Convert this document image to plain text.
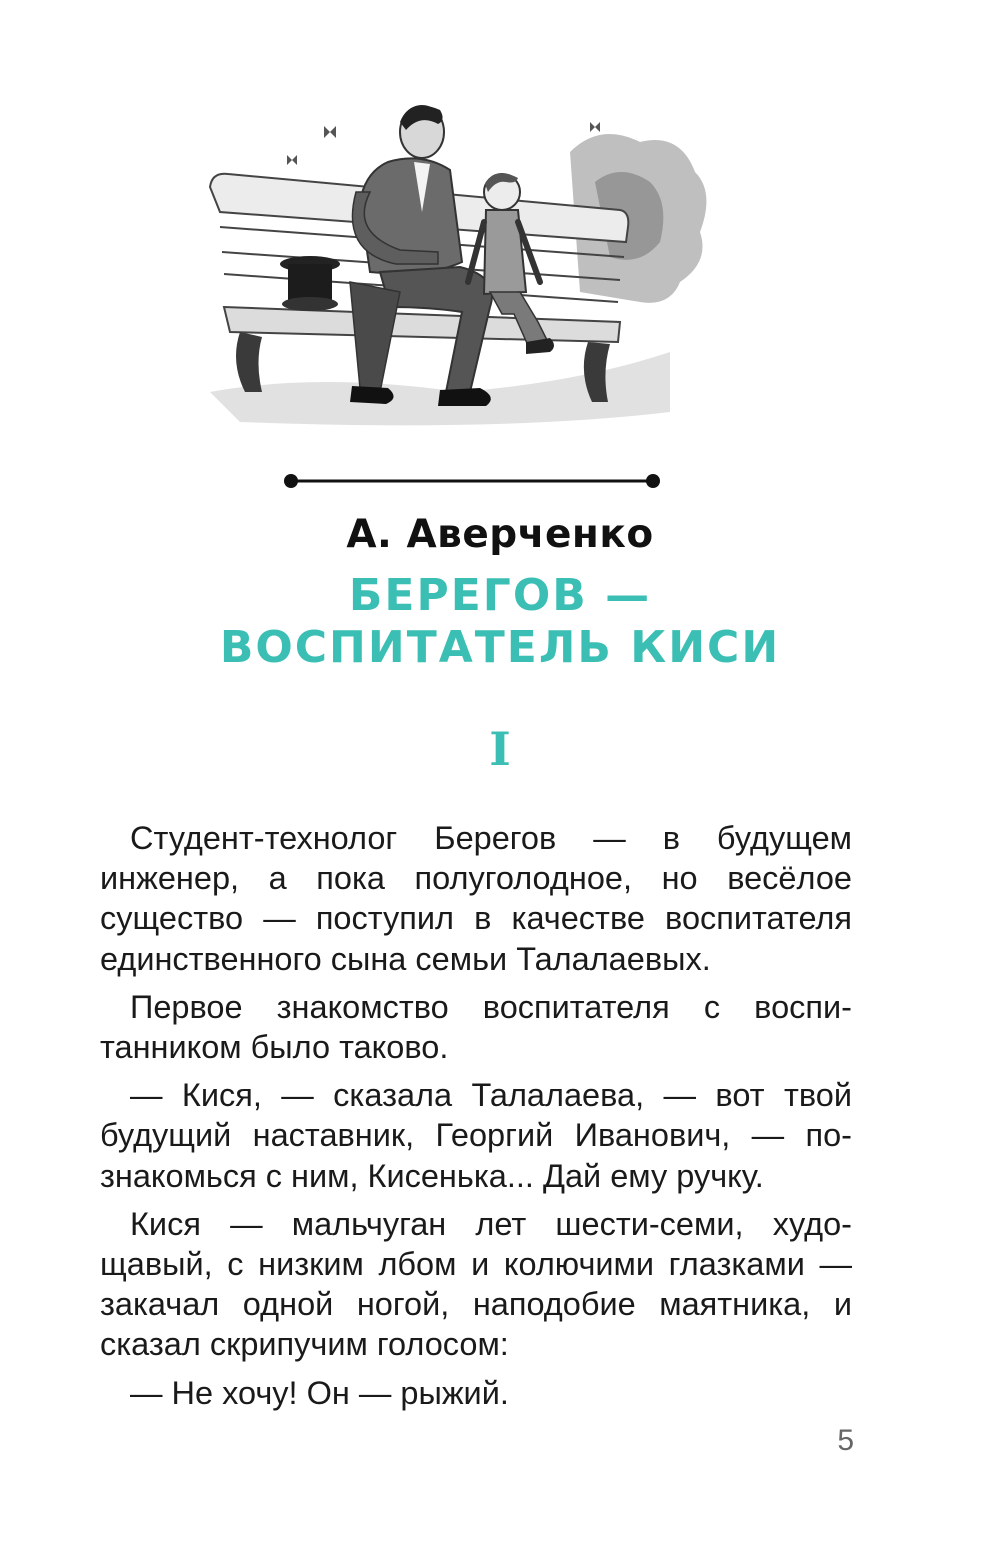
А. Аверченко
БЕРЕГОВ —
ВОСПИТАТЕЛЬ КИСИ
I

Студент-технолог Берегов — в будущем инженер, а пока полуголодное, но весёлое существо — поступил в качестве воспитателя единственного сына семьи Талалаевых.

Первое знакомство воспитателя с воспитанником было таково.

— Кися, — сказала Талалаева, — вот твой будущий наставник, Георгий Иванович, — познакомься с ним, Кисенька... Дай ему ручку.

Кися — мальчуган лет шести-семи, худощавый, с низким лбом и колючими глазками — закачал одной ногой, наподобие маятника, и сказал скрипучим голосом:

— Не хочу! Он — рыжий.

5
